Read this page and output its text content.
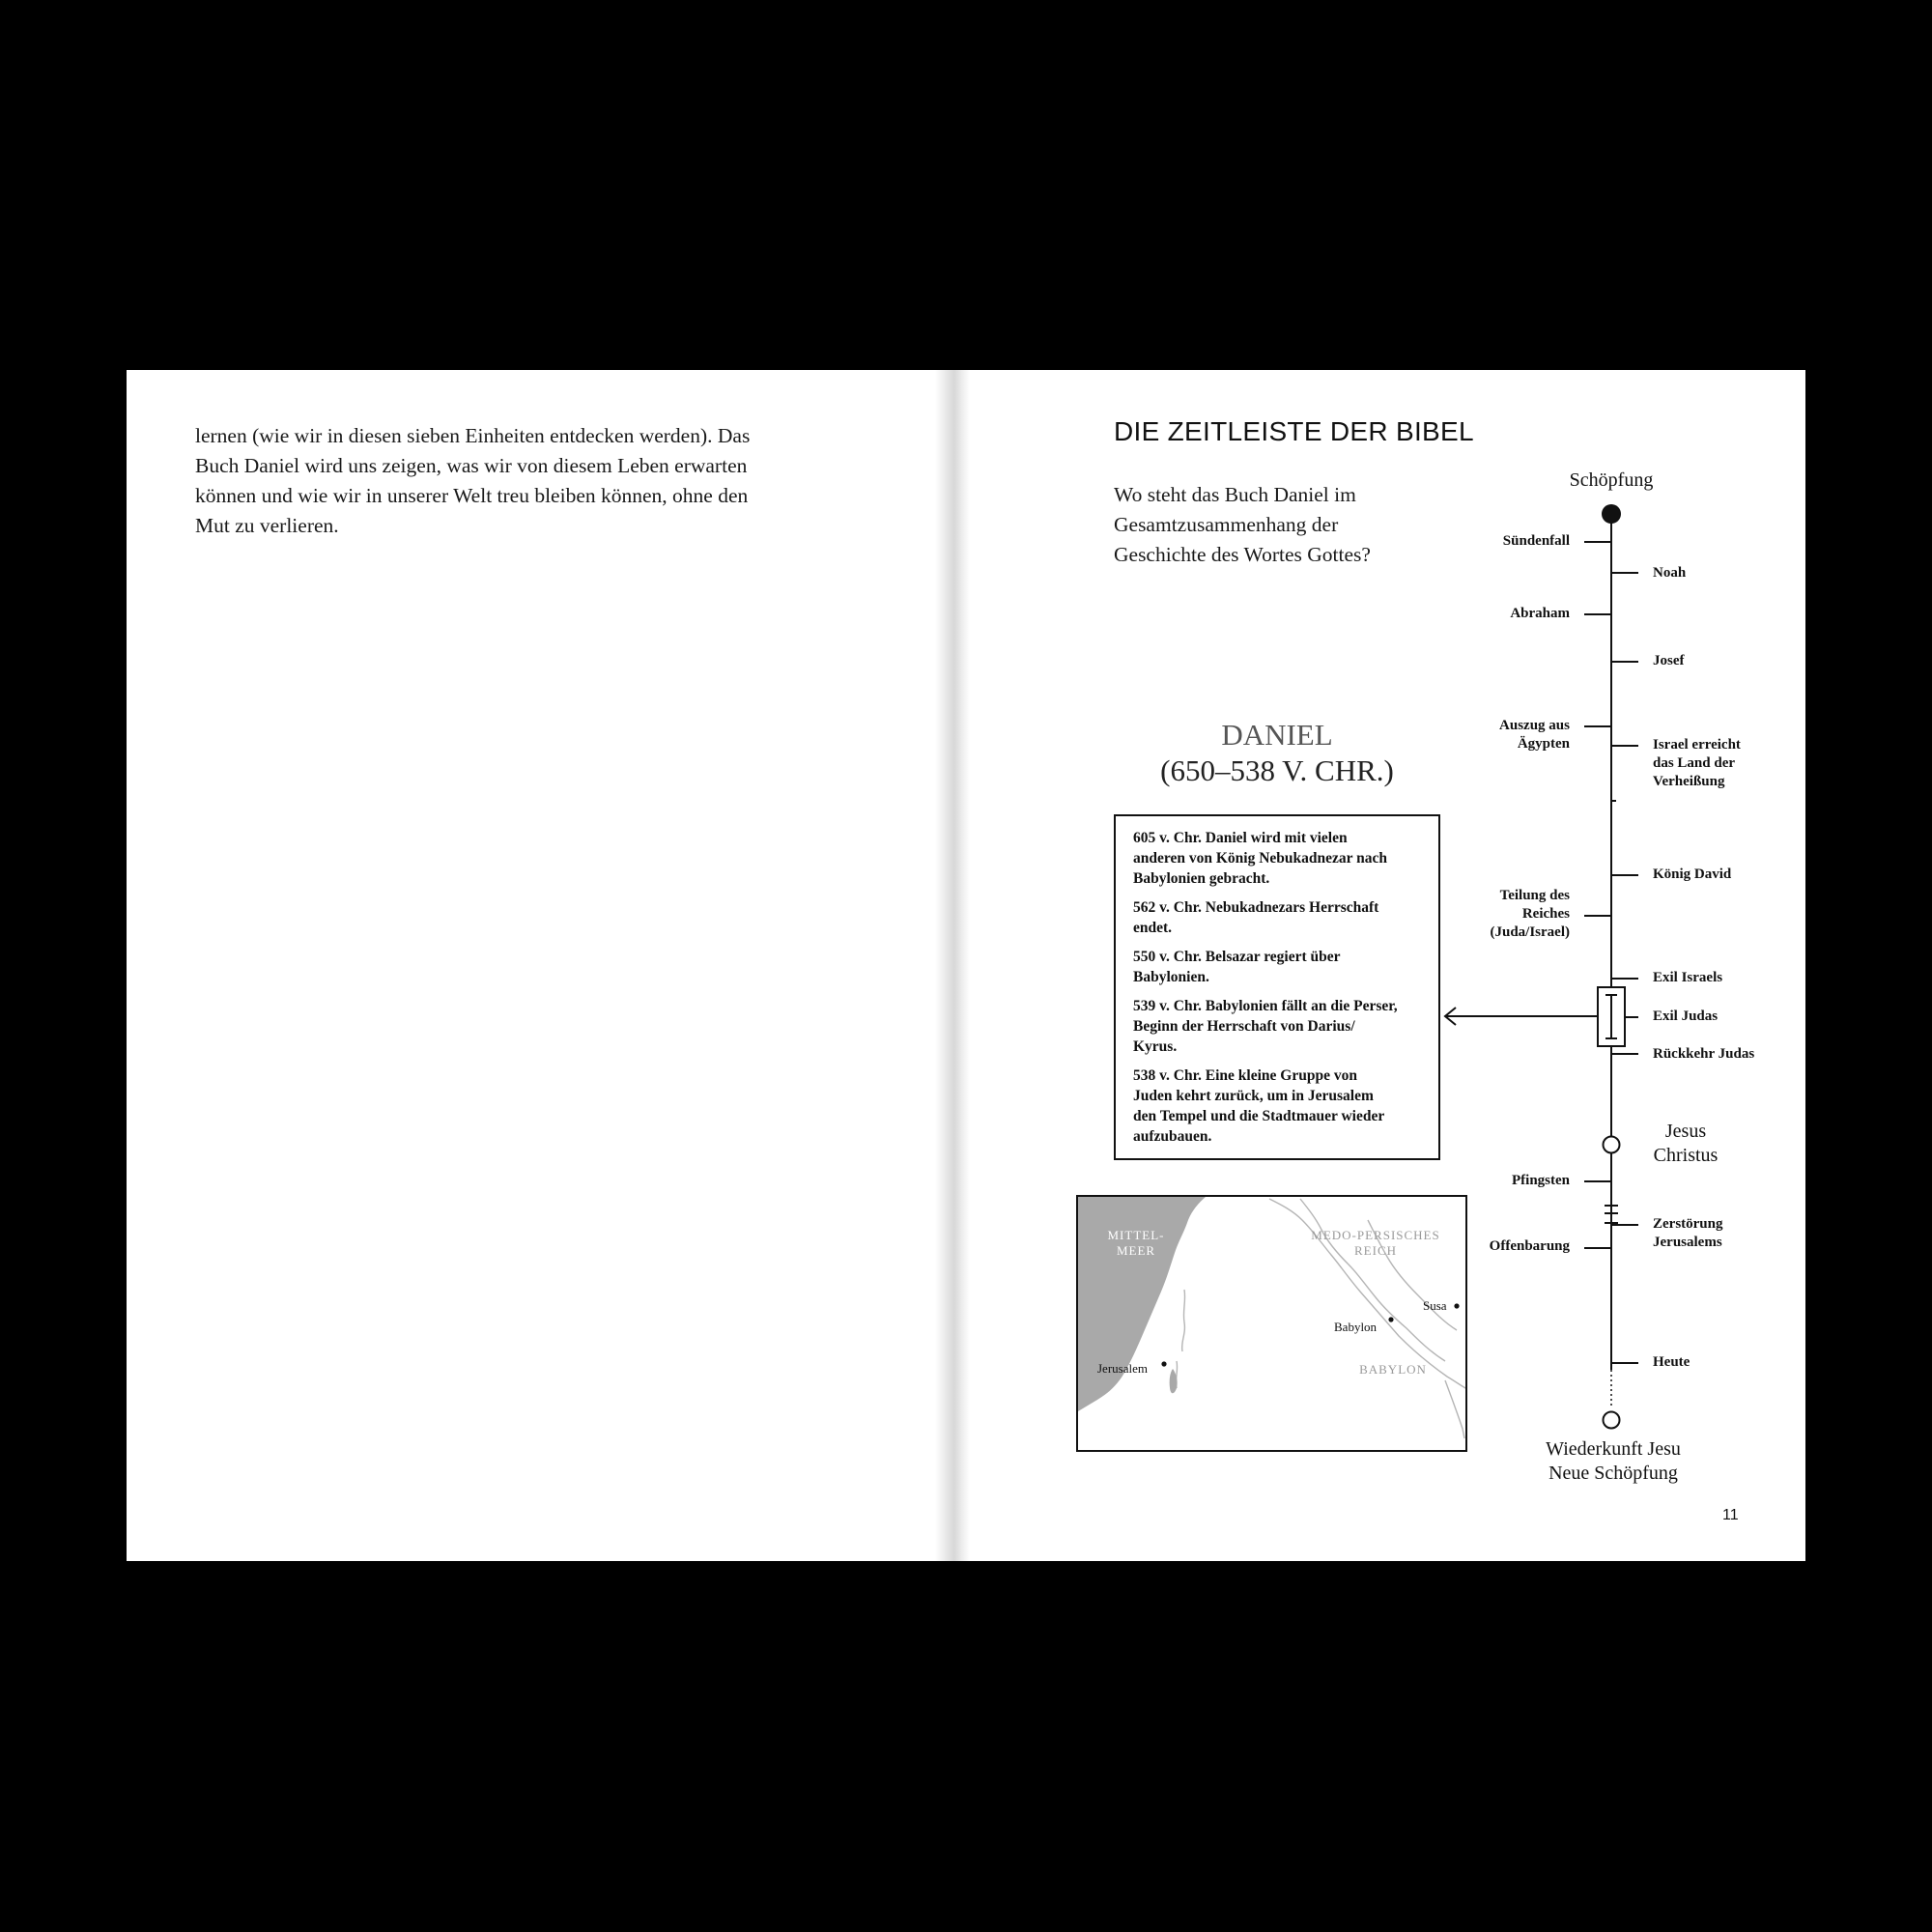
lernen (wie wir in diesen sieben Einheiten entdecken werden). Das
Buch Daniel wird uns zeigen, was wir von diesem Leben erwarten
können und wie wir in unserer Welt treu bleiben können, ohne den
Mut zu verlieren.
DIE ZEITLEISTE DER BIBEL
Wo steht das Buch Daniel im
Gesamtzusammenhang der
Geschichte des Wortes Gottes?
DANIEL
(650–538 V. CHR.)
605 v. Chr. Daniel wird mit vielen
anderen von König Nebukadnezar nach
Babylonien gebracht.
562 v. Chr. Nebukadnezars Herrschaft
endet.
550 v. Chr. Belsazar regiert über
Babylonien.
539 v. Chr. Babylonien fällt an die Perser,
Beginn der Herrschaft von Darius/
Kyrus.
538 v. Chr. Eine kleine Gruppe von
Juden kehrt zurück, um in Jerusalem
den Tempel und die Stadtmauer wieder
aufzubauen.
Schöpfung
Sündenfall
Abraham
Auszug aus
Ägypten
Teilung des
Reiches
(Juda/Israel)
Pfingsten
Offenbarung
Noah
Josef
Israel erreicht
das Land der
Verheißung
König David
Exil Israels
Exil Judas
Rückkehr Judas
Zerstörung
Jerusalems
Heute
Jesus
Christus
Wiederkunft Jesu
Neue Schöpfung
MITTEL-
MEER
MEDO-PERSISCHES
REICH
BABYLON
Susa
Babylon
Jerusalem
11
